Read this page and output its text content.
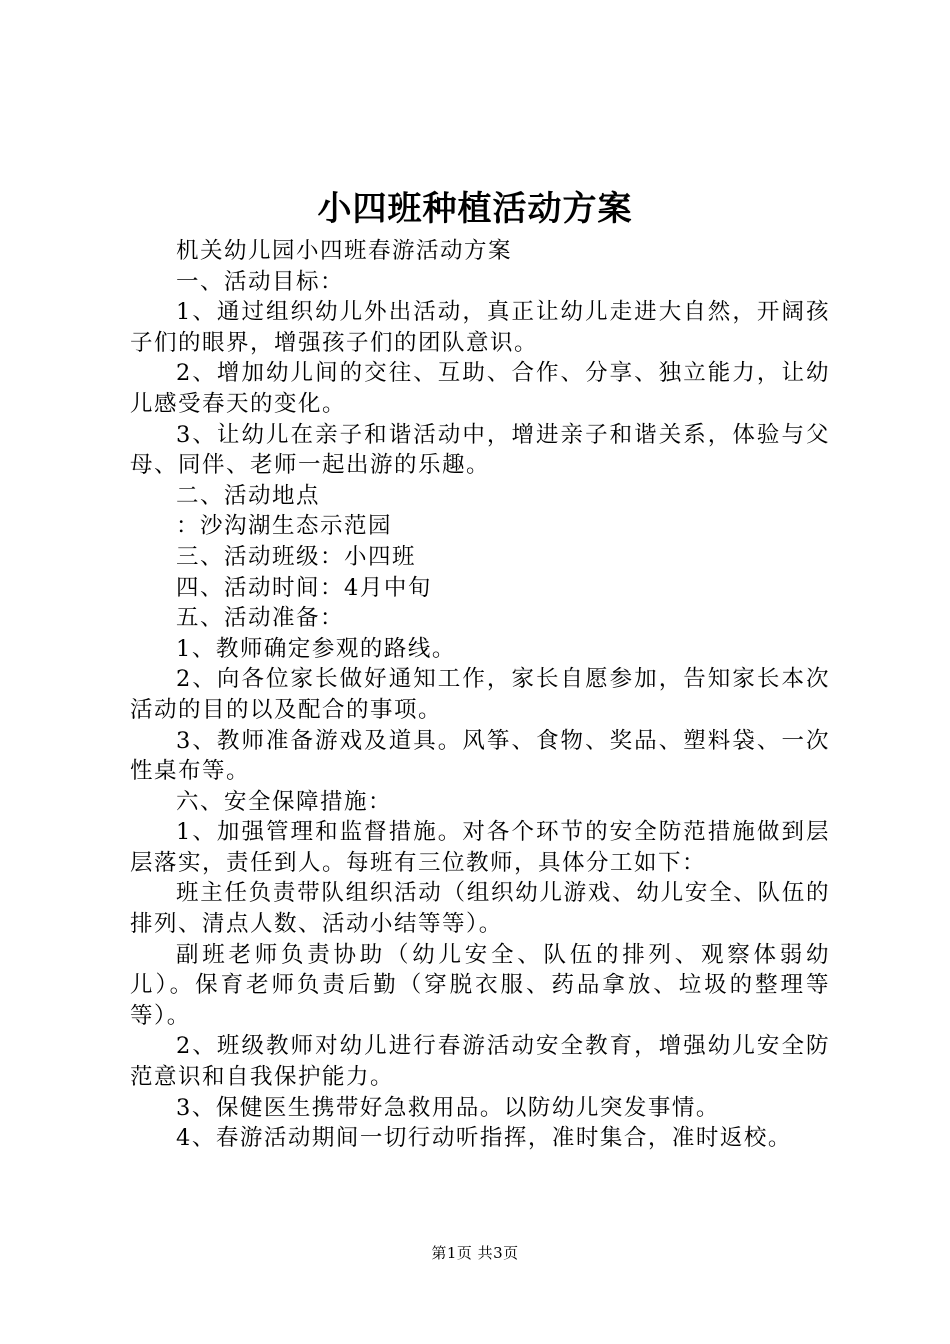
小四班种植活动方案

机关幼儿园小四班春游活动方案

一、活动目标：

1、通过组织幼儿外出活动，真正让幼儿走进大自然，开阔孩子们的眼界，增强孩子们的团队意识。

2、增加幼儿间的交往、互助、合作、分享、独立能力，让幼儿感受春天的变化。

3、让幼儿在亲子和谐活动中，增进亲子和谐关系，体验与父母、同伴、老师一起出游的乐趣。

二、活动地点

：沙沟湖生态示范园

三、活动班级：小四班

四、活动时间：4月中旬

五、活动准备：

1、教师确定参观的路线。

2、向各位家长做好通知工作，家长自愿参加，告知家长本次活动的目的以及配合的事项。

3、教师准备游戏及道具。风筝、食物、奖品、塑料袋、一次性桌布等。

六、安全保障措施：

1、加强管理和监督措施。对各个环节的安全防范措施做到层层落实，责任到人。每班有三位教师，具体分工如下：

班主任负责带队组织活动（组织幼儿游戏、幼儿安全、队伍的排列、清点人数、活动小结等等）。

副班老师负责协助（幼儿安全、队伍的排列、观察体弱幼儿）。保育老师负责后勤（穿脱衣服、药品拿放、垃圾的整理等等）。

2、班级教师对幼儿进行春游活动安全教育，增强幼儿安全防范意识和自我保护能力。

3、保健医生携带好急救用品。以防幼儿突发事情。

4、春游活动期间一切行动听指挥，准时集合，准时返校。

第1页 共3页
